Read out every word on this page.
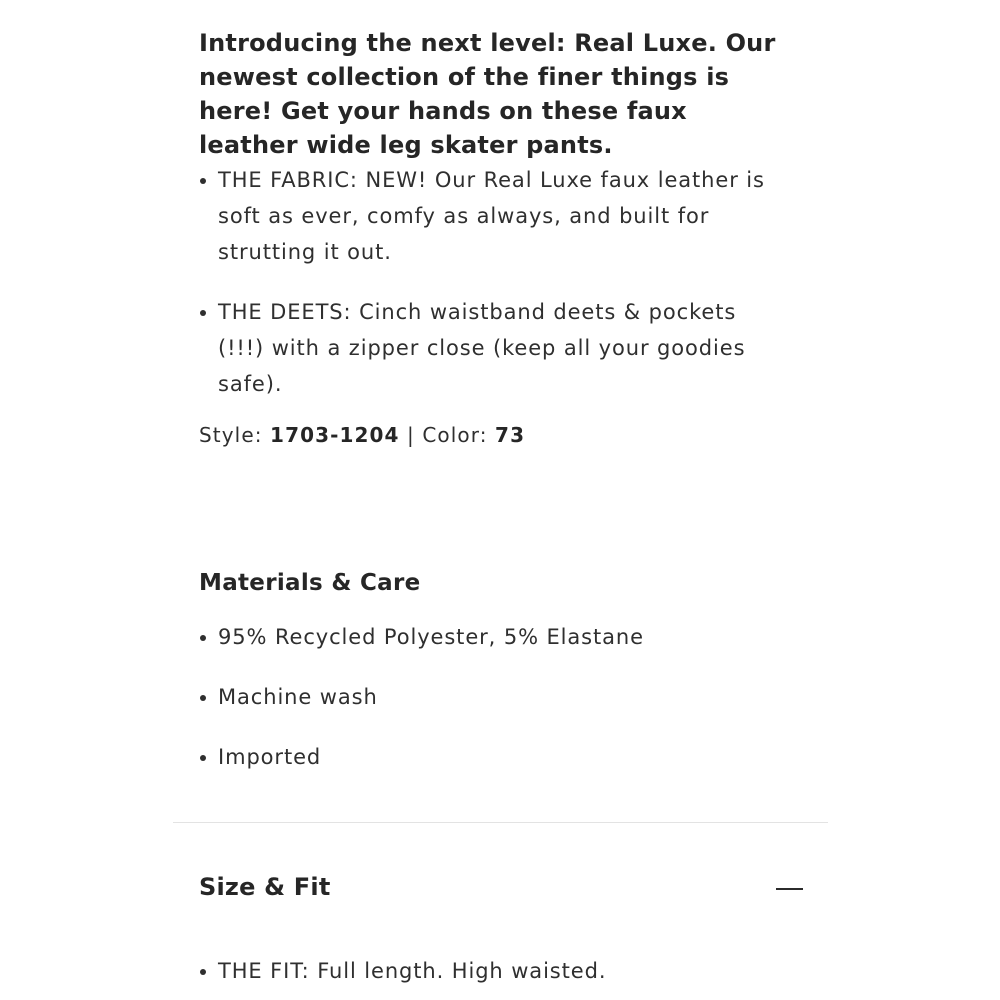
Introducing the next level: Real Luxe. Our newest collection of the finer things is here! Get your hands on these faux leather wide leg skater pants.

THE FABRIC: NEW! Our Real Luxe faux leather is soft as ever, comfy as always, and built for strutting it out.
THE DEETS: Cinch waistband deets & pockets (!!!) with a zipper close (keep all your goodies safe).
Style: 1703-1204 | Color: 73
Materials & Care
95% Recycled Polyester, 5% Elastane
Machine wash
Imported
Size & Fit
THE FIT: Full length. High waisted.
